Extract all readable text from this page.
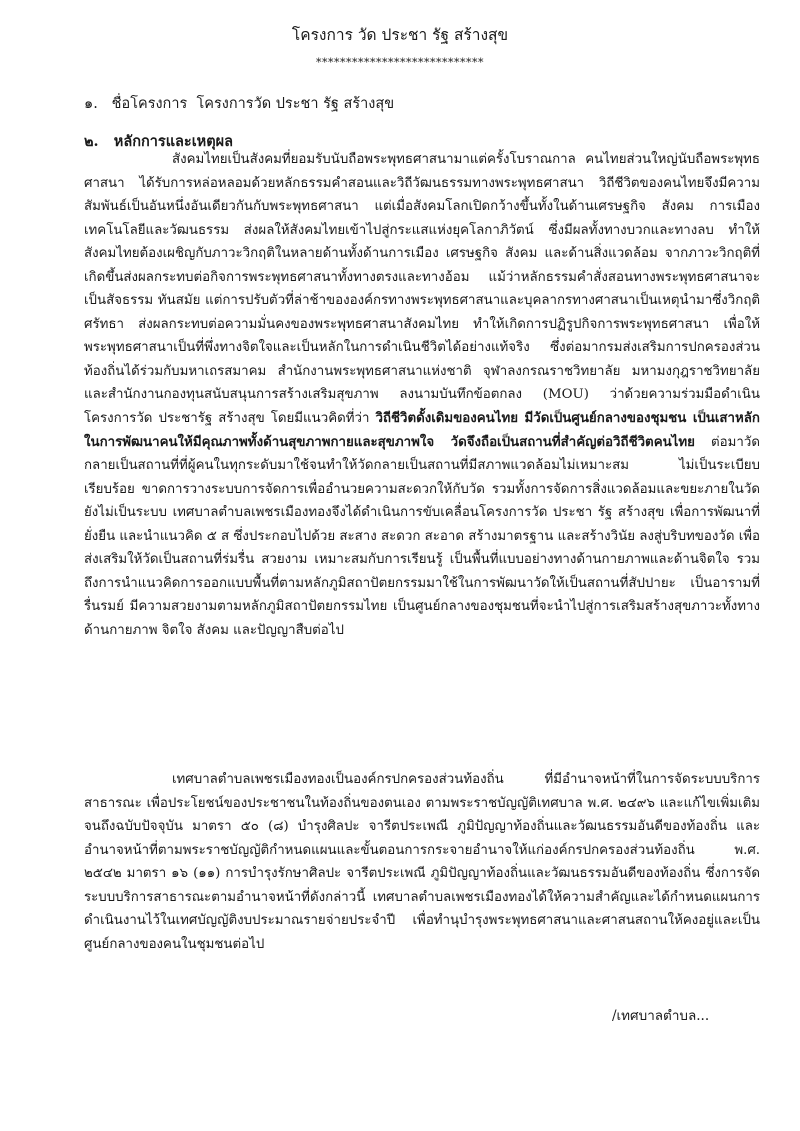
โครงการ วัด ประชา รัฐ สร้างสุข
****************************
๑. ชื่อโครงการ โครงการวัด ประชา รัฐ สร้างสุข
๒. หลักการและเหตุผล

สังคมไทยเป็นสังคมที่ยอมรับนับถือพระพุทธศาสนามาแต่ครั้งโบราณกาล คนไทยส่วนใหญ่นับถือพระพุทธศาสนา ได้รับการหล่อหลอมด้วยหลักธรรมคำสอนและวิถีวัฒนธรรมทางพระพุทธศาสนา วิถีชีวิตของคนไทยจึงมีความสัมพันธ์เป็นอันหนึ่งอันเดียวกันกับพระพุทธศาสนา แต่เมื่อสังคมโลกเปิดกว้างขึ้นทั้งในด้านเศรษฐกิจ สังคม การเมือง เทคโนโลยีและวัฒนธรรม ส่งผลให้สังคมไทยเข้าไปสู่กระแสแห่งยุคโลกาภิวัตน์ ซึ่งมีผลทั้งทางบวกและทางลบ ทำให้สังคมไทยต้องเผชิญกับภาวะวิกฤติในหลายด้านทั้งด้านการเมือง เศรษฐกิจ สังคม และด้านสิ่งแวดล้อม จากภาวะวิกฤติที่เกิดขึ้นส่งผลกระทบต่อกิจการพระพุทธศาสนาทั้งทางตรงและทางอ้อม แม้ว่าหลักธรรมคำสั่งสอนทางพระพุทธศาสนาจะเป็นสัจธรรม ทันสมัย แต่การปรับตัวที่ล่าช้าขององค์กรทางพระพุทธศาสนาและบุคลากรทางศาสนาเป็นเหตุนำมาซึ่งวิกฤติศรัทธา ส่งผลกระทบต่อความมั่นคงของพระพุทธศาสนาสังคมไทย ทำให้เกิดการปฏิรูปกิจการพระพุทธศาสนา เพื่อให้พระพุทธศาสนาเป็นที่พึ่งทางจิตใจและเป็นหลักในการดำเนินชีวิตได้อย่างแท้จริง ซึ่งต่อมากรมส่งเสริมการปกครองส่วนท้องถิ่นได้ร่วมกับมหาเถรสมาคม สำนักงานพระพุทธศาสนาแห่งชาติ จุฬาลงกรณราชวิทยาลัย มหามงกุฎราชวิทยาลัย และสำนักงานกองทุนสนับสนุนการสร้างเสริมสุขภาพ ลงนามบันทึกข้อตกลง (MOU) ว่าด้วยความร่วมมือดำเนินโครงการวัด ประชารัฐ สร้างสุข โดยมีแนวคิดที่ว่า วิถีชีวิตดั้งเดิมของคนไทย มีวัดเป็นศูนย์กลางของชุมชน เป็นเสาหลักในการพัฒนาคนให้มีคุณภาพทั้งด้านสุขภาพกายและสุขภาพใจ วัดจึงถือเป็นสถานที่สำคัญต่อวิถีชีวิตคนไทย ต่อมาวัดกลายเป็นสถานที่ที่ผู้คนในทุกระดับมาใช้จนทำให้วัดกลายเป็นสถานที่มีสภาพแวดล้อมไม่เหมาะสม ไม่เป็นระเบียบ เรียบร้อย ขาดการวางระบบการจัดการเพื่ออำนวยความสะดวกให้กับวัด รวมทั้งการจัดการสิ่งแวดล้อมและขยะภายในวัดยังไม่เป็นระบบ เทศบาลตำบลเพชรเมืองทองจึงได้ดำเนินการขับเคลื่อนโครงการวัด ประชา รัฐ สร้างสุข เพื่อการพัฒนาที่ยั่งยืน และนำแนวคิด ๕ ส ซึ่งประกอบไปด้วย สะสาง สะดวก สะอาด สร้างมาตรฐาน และสร้างวินัย ลงสู่บริบทของวัด เพื่อส่งเสริมให้วัดเป็นสถานที่ร่มรื่น สวยงาม เหมาะสมกับการเรียนรู้ เป็นพื้นที่แบบอย่างทางด้านกายภาพและด้านจิตใจ รวมถึงการนำแนวคิดการออกแบบพื้นที่ตามหลักภูมิสถาปัตยกรรมมาใช้ในการพัฒนาวัดให้เป็นสถานที่สัปปายะ เป็นอารามที่รื่นรมย์ มีความสวยงามตามหลักภูมิสถาปัตยกรรมไทย เป็นศูนย์กลางของชุมชนที่จะนำไปสู่การเสริมสร้างสุขภาวะทั้งทางด้านกายภาพ จิตใจ สังคม และปัญญาสืบต่อไป

เทศบาลตำบลเพชรเมืองทองเป็นองค์กรปกครองส่วนท้องถิ่น ที่มีอำนาจหน้าที่ในการจัดระบบบริการสาธารณะ เพื่อประโยชน์ของประชาชนในท้องถิ่นของตนเอง ตามพระราชบัญญัติเทศบาล พ.ศ. ๒๔๙๖ และแก้ไขเพิ่มเติมจนถึงฉบับปัจจุบัน มาตรา ๕๐ (๘) บำรุงศิลปะ จารีตประเพณี ภูมิปัญญาท้องถิ่นและวัฒนธรรมอันดีของท้องถิ่น และอำนาจหน้าที่ตามพระราชบัญญัติกำหนดแผนและขั้นตอนการกระจายอำนาจให้แก่องค์กรปกครองส่วนท้องถิ่น พ.ศ. ๒๕๔๒ มาตรา ๑๖ (๑๑) การบำรุงรักษาศิลปะ จารีตประเพณี ภูมิปัญญาท้องถิ่นและวัฒนธรรมอันดีของท้องถิ่น ซึ่งการจัดระบบบริการสาธารณะตามอำนาจหน้าที่ดังกล่าวนี้ เทศบาลตำบลเพชรเมืองทองได้ให้ความสำคัญและได้กำหนดแผนการดำเนินงานไว้ในเทศบัญญัติงบประมาณรายจ่ายประจำปี เพื่อทำนุบำรุงพระพุทธศาสนาและศาสนสถานให้คงอยู่และเป็นศูนย์กลางของคนในชุมชนต่อไป

/เทศบาลตำบล...
